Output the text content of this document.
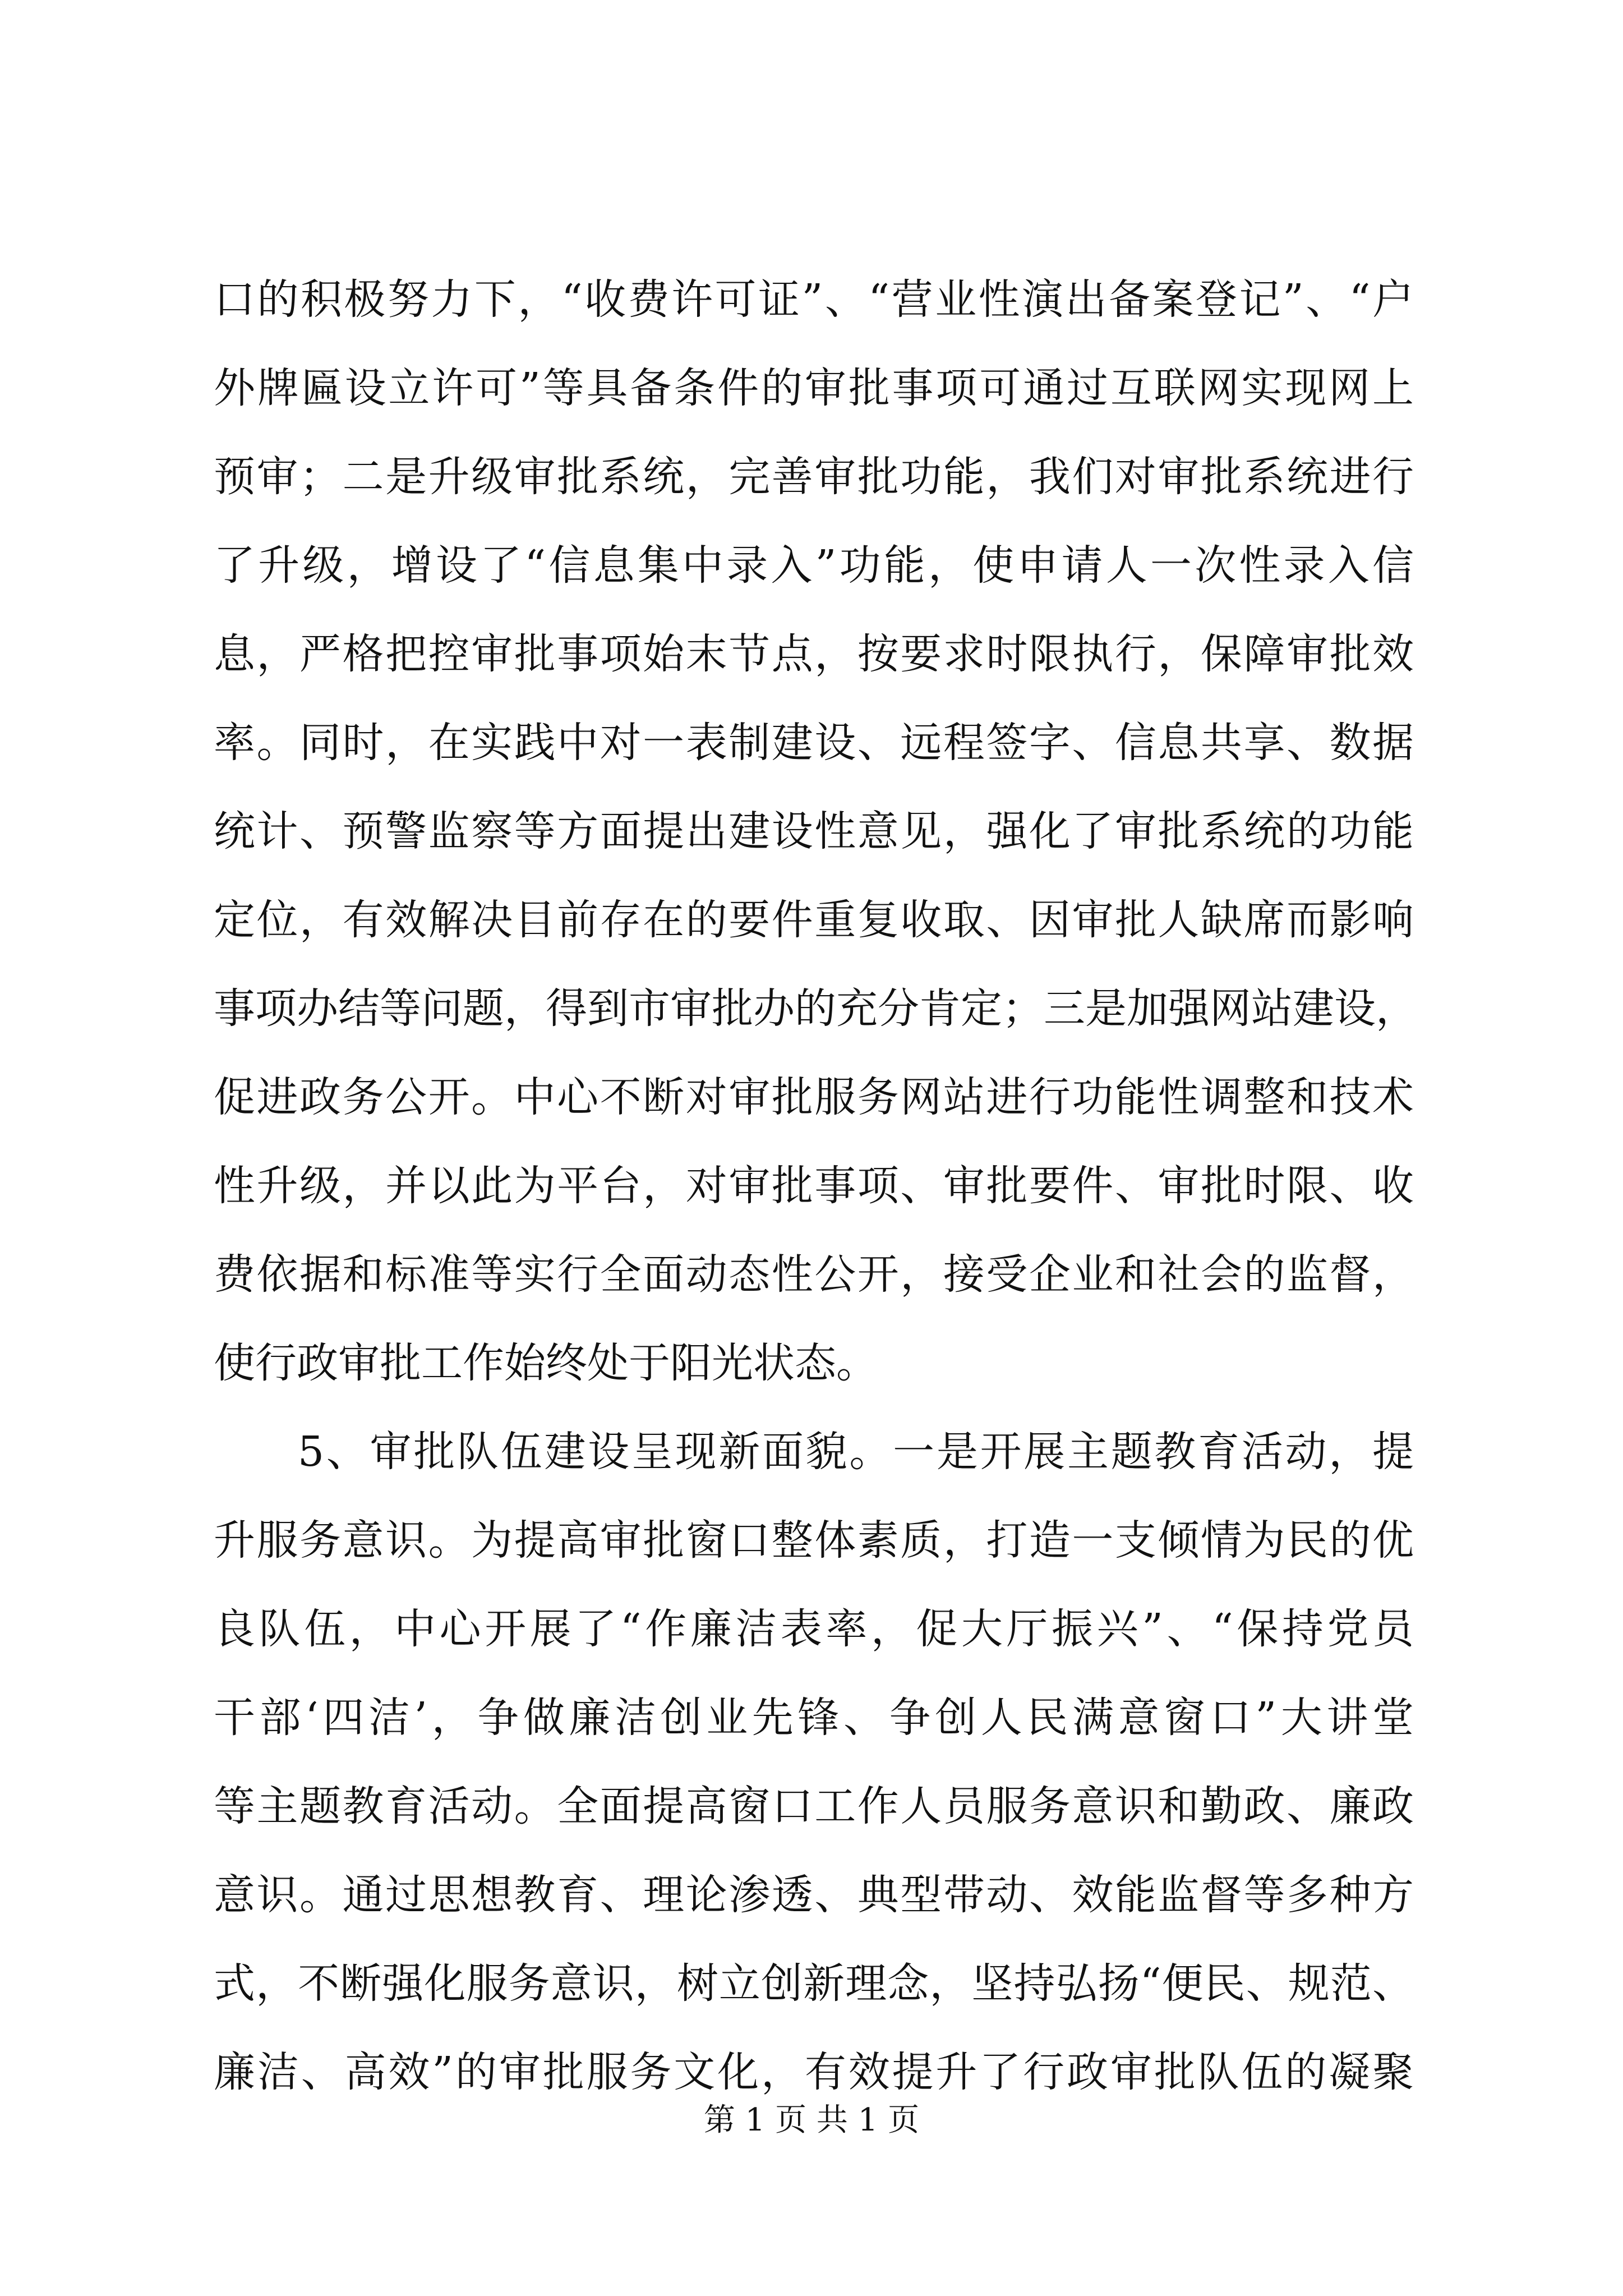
口的积极努力下，“收费许可证”、“营业性演出备案登记”、“户
外牌匾设立许可”等具备条件的审批事项可通过互联网实现网上
预审；二是升级审批系统，完善审批功能，我们对审批系统进行
了升级，增设了“信息集中录入”功能，使申请人一次性录入信
息，严格把控审批事项始末节点，按要求时限执行，保障审批效
率。同时，在实践中对一表制建设、远程签字、信息共享、数据
统计、预警监察等方面提出建设性意见，强化了审批系统的功能
定位，有效解决目前存在的要件重复收取、因审批人缺席而影响
事项办结等问题，得到市审批办的充分肯定；三是加强网站建设，
促进政务公开。中心不断对审批服务网站进行功能性调整和技术
性升级，并以此为平台，对审批事项、审批要件、审批时限、收
费依据和标准等实行全面动态性公开，接受企业和社会的监督，
使行政审批工作始终处于阳光状态。
5、审批队伍建设呈现新面貌。一是开展主题教育活动，提
升服务意识。为提高审批窗口整体素质，打造一支倾情为民的优
良队伍，中心开展了“作廉洁表率，促大厅振兴”、“保持党员
干部‘四洁’，争做廉洁创业先锋、争创人民满意窗口”大讲堂
等主题教育活动。全面提高窗口工作人员服务意识和勤政、廉政
意识。通过思想教育、理论渗透、典型带动、效能监督等多种方
式，不断强化服务意识，树立创新理念，坚持弘扬“便民、规范、
廉洁、高效”的审批服务文化，有效提升了行政审批队伍的凝聚
第 1 页 共 1 页
